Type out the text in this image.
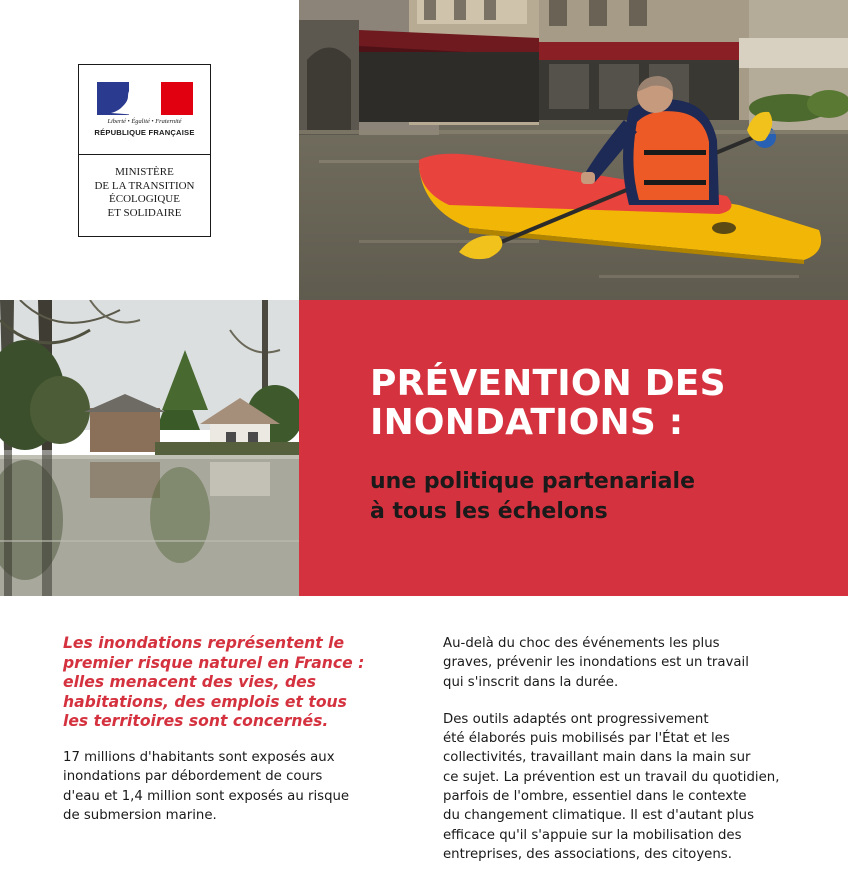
Liberté • Égalité • Fraternité
RÉPUBLIQUE FRANÇAISE
MINISTÈRE
DE LA TRANSITION
ÉCOLOGIQUE
ET SOLIDAIRE
PRÉVENTION DES
INONDATIONS :
une politique partenariale
à tous les échelons

Les inondations représentent le
premier risque naturel en France :
elles menacent des vies, des
habitations, des emplois et tous
les territoires sont concernés.

17 millions d'habitants sont exposés aux
inondations par débordement de cours
d'eau et 1,4 million sont exposés au risque
de submersion marine.

Au-delà du choc des événements les plus
graves, prévenir les inondations est un travail
qui s'inscrit dans la durée.

Des outils adaptés ont progressivement
été élaborés puis mobilisés par l'État et les
collectivités, travaillant main dans la main sur
ce sujet. La prévention est un travail du quotidien,
parfois de l'ombre, essentiel dans le contexte
du changement climatique. Il est d'autant plus
efficace qu'il s'appuie sur la mobilisation des
entreprises, des associations, des citoyens.
